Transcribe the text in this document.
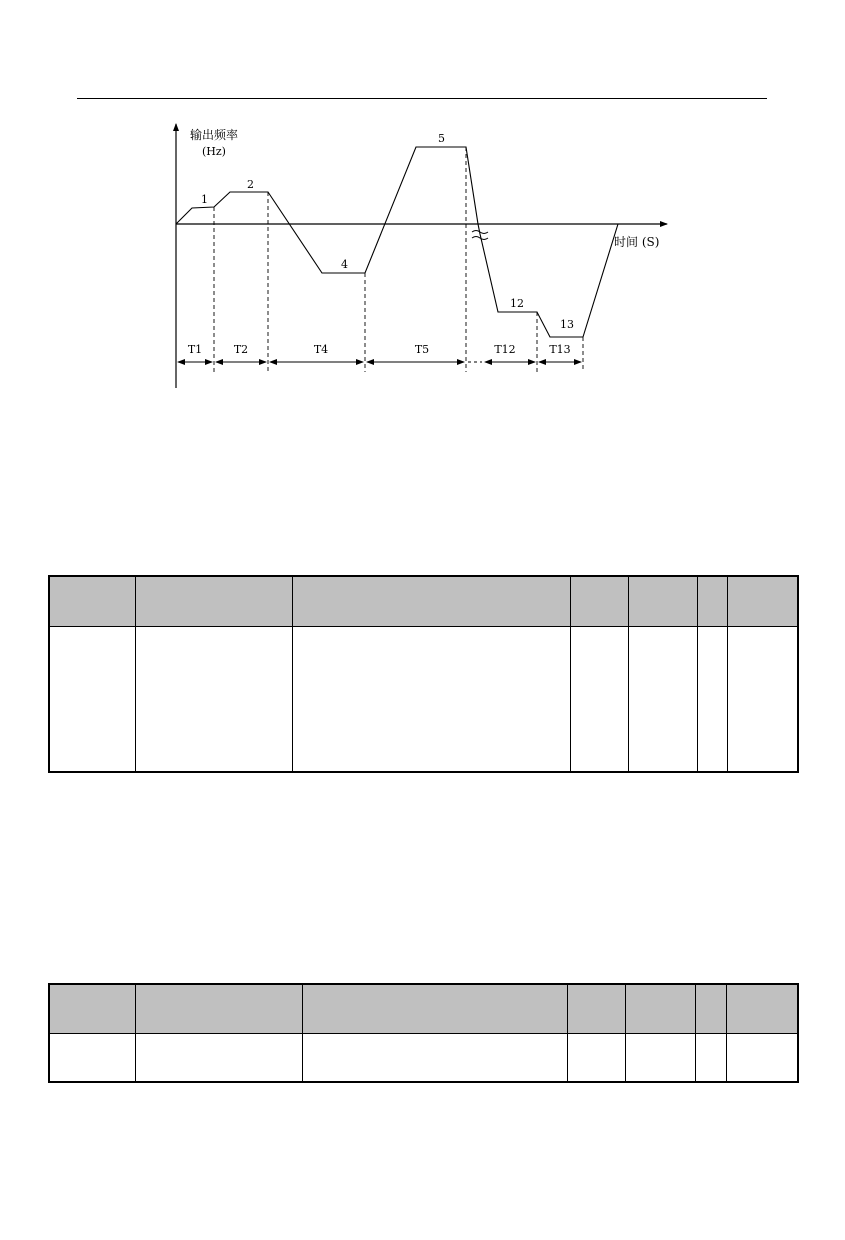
输出频率
(Hz)
时间 (S)
1
2
4
5
12
13
T1	T2	T4	T5	T12	T13
